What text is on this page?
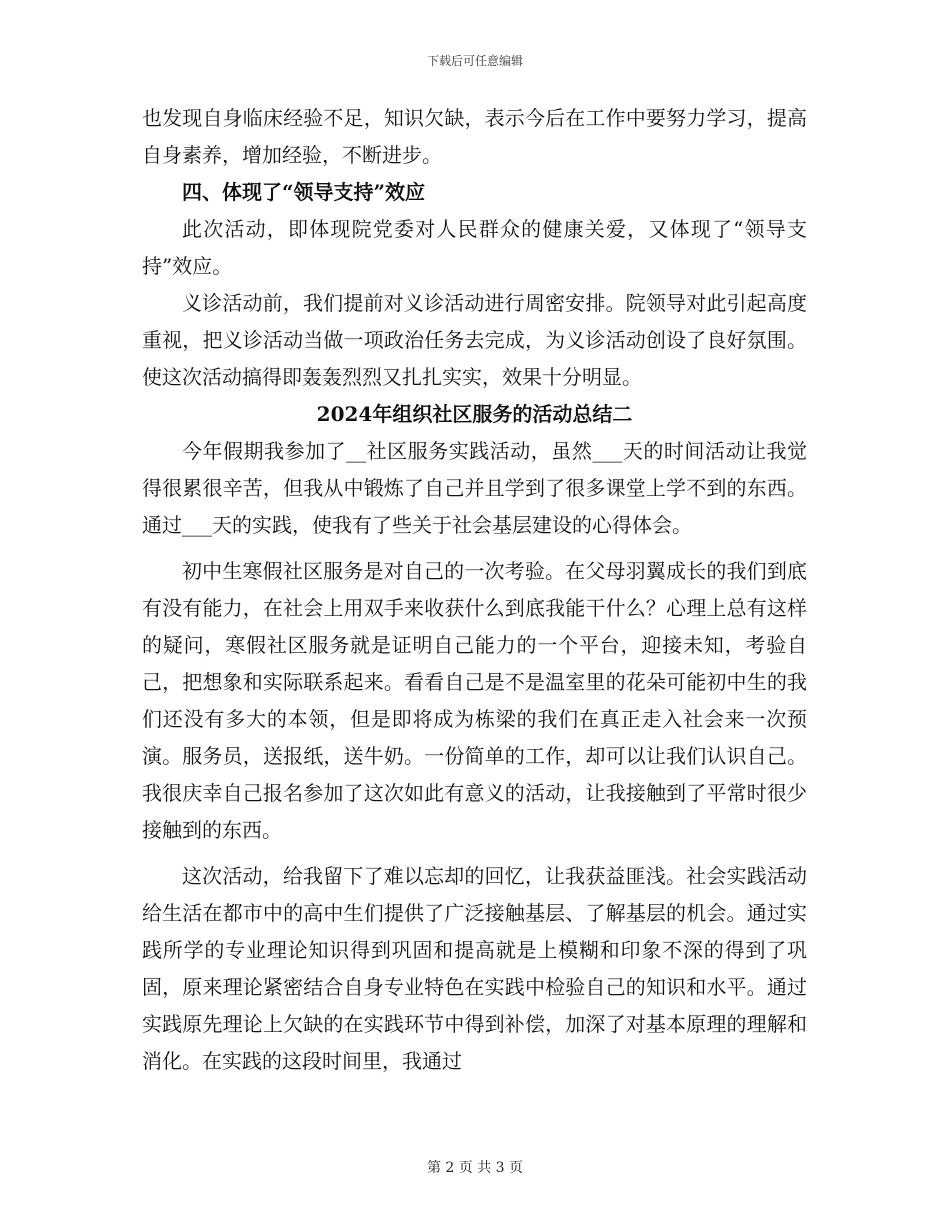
下载后可任意编辑

也发现自身临床经验不足，知识欠缺，表示今后在工作中要努力学习，提高自身素养，增加经验，不断进步。

四、体现了“领导支持”效应

此次活动，即体现院党委对人民群众的健康关爱，又体现了“领导支持”效应。

义诊活动前，我们提前对义诊活动进行周密安排。院领导对此引起高度重视，把义诊活动当做一项政治任务去完成，为义诊活动创设了良好氛围。使这次活动搞得即轰轰烈烈又扎扎实实，效果十分明显。

2024年组织社区服务的活动总结二

今年假期我参加了__社区服务实践活动，虽然___天的时间活动让我觉得很累很辛苦，但我从中锻炼了自己并且学到了很多课堂上学不到的东西。通过___天的实践，使我有了些关于社会基层建设的心得体会。

初中生寒假社区服务是对自己的一次考验。在父母羽翼成长的我们到底有没有能力，在社会上用双手来收获什么到底我能干什么？心理上总有这样的疑问，寒假社区服务就是证明自己能力的一个平台，迎接未知，考验自己，把想象和实际联系起来。看看自己是不是温室里的花朵可能初中生的我们还没有多大的本领，但是即将成为栋梁的我们在真正走入社会来一次预演。服务员，送报纸，送牛奶。一份简单的工作，却可以让我们认识自己。我很庆幸自己报名参加了这次如此有意义的活动，让我接触到了平常时很少接触到的东西。

这次活动，给我留下了难以忘却的回忆，让我获益匪浅。社会实践活动给生活在都市中的高中生们提供了广泛接触基层、了解基层的机会。通过实践所学的专业理论知识得到巩固和提高就是上模糊和印象不深的得到了巩固，原来理论紧密结合自身专业特色在实践中检验自己的知识和水平。通过实践原先理论上欠缺的在实践环节中得到补偿，加深了对基本原理的理解和消化。在实践的这段时间里，我通过

第 2 页 共 3 页
